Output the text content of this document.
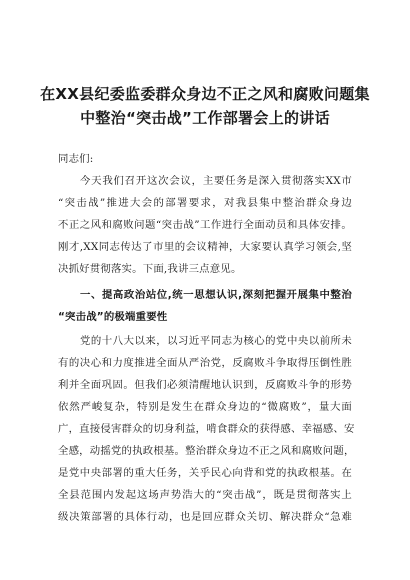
在XX县纪委监委群众身边不正之风和腐败问题集
中整治“突击战”工作部署会上的讲话
同志们:
今天我们召开这次会议，主要任务是深入贯彻落实XX市
“突击战”推进大会的部署要求，对我县集中整治群众身边
不正之风和腐败问题“突击战”工作进行全面动员和具体安排。
刚才,XX同志传达了市里的会议精神，大家要认真学习领会,坚
决抓好贯彻落实。下面,我讲三点意见。
一、提高政治站位,统一思想认识,深刻把握开展集中整治
“突击战”的极端重要性
党的十八大以来，以习近平同志为核心的党中央以前所未
有的决心和力度推进全面从严治党，反腐败斗争取得压倒性胜
利并全面巩固。但我们必须清醒地认识到，反腐败斗争的形势
依然严峻复杂，特别是发生在群众身边的“微腐败”，量大面
广，直接侵害群众的切身利益，啃食群众的获得感、幸福感、安
全感，动摇党的执政根基。整治群众身边不正之风和腐败问题，
是党中央部署的重大任务，关乎民心向背和党的执政根基。在
全县范围内发起这场声势浩大的“突击战”，既是贯彻落实上
级决策部署的具体行动，也是回应群众关切、解决群众“急难
